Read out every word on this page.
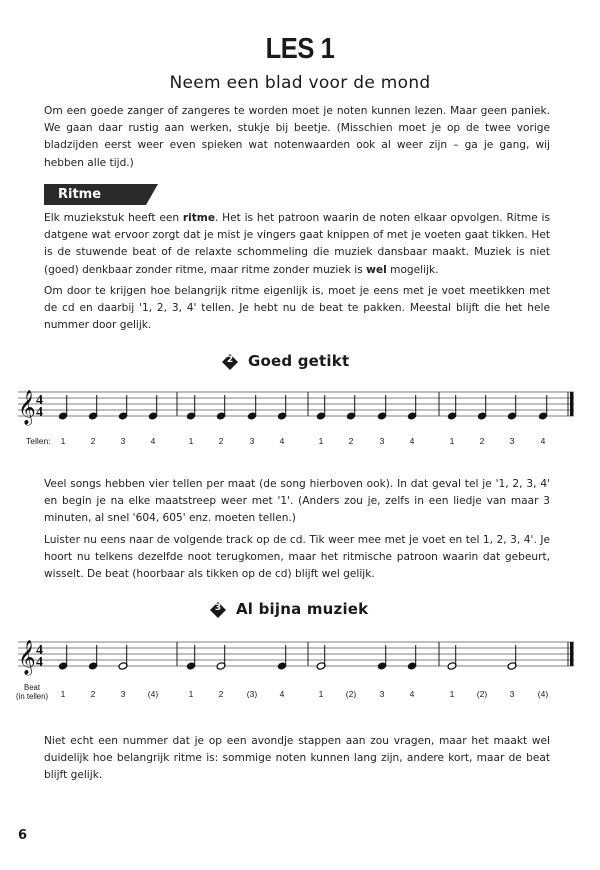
LES 1
Neem een blad voor de mond

Om een goede zanger of zangeres te worden moet je noten kunnen lezen. Maar geen paniek. We gaan daar rustig aan werken, stukje bij beetje. (Misschien moet je op de twee vorige bladzijden eerst weer even spieken wat notenwaarden ook al weer zijn – ga je gang, wij hebben alle tijd.)

Ritme

Elk muziekstuk heeft een ritme. Het is het patroon waarin de noten elkaar opvolgen. Ritme is datgene wat ervoor zorgt dat je mist je vingers gaat knippen of met je voeten gaat tikken. Het is de stuwende beat of de relaxte schommeling die muziek dansbaar maakt. Muziek is niet (goed) denkbaar zonder ritme, maar ritme zonder muziek is wel mogelijk.

Om door te krijgen hoe belangrijk ritme eigenlijk is, moet je eens met je voet meetikken met de cd en daarbij '1, 2, 3, 4' tellen. Je hebt nu de beat te pakken. Meestal blijft die het hele nummer door gelijk.

2 Goed getikt
𝄞 4
4
Tellen:	1	2	3	4	1	2	3	4	1	2	3	4	1	2	3	4

Veel songs hebben vier tellen per maat (de song hierboven ook). In dat geval tel je '1, 2, 3, 4' en begin je na elke maatstreep weer met '1'. (Anders zou je, zelfs in een liedje van maar 3 minuten, al snel '604, 605' enz. moeten tellen.)

Luister nu eens naar de volgende track op de cd. Tik weer mee met je voet en tel 1, 2, 3, 4'. Je hoort nu telkens dezelfde noot terugkomen, maar het ritmische patroon waarin dat gebeurt, wisselt. De beat (hoorbaar als tikken op de cd) blijft wel gelijk.

3 Al bijna muziek
𝄞 4
4
Beat
(in tellen)	1	2	3	(4)	1	2	(3)	4	1	(2)	3	4	1	(2)	3	(4)

Niet echt een nummer dat je op een avondje stappen aan zou vragen, maar het maakt wel duidelijk hoe belangrijk ritme is: sommige noten kunnen lang zijn, andere kort, maar de beat blijft gelijk.

6
